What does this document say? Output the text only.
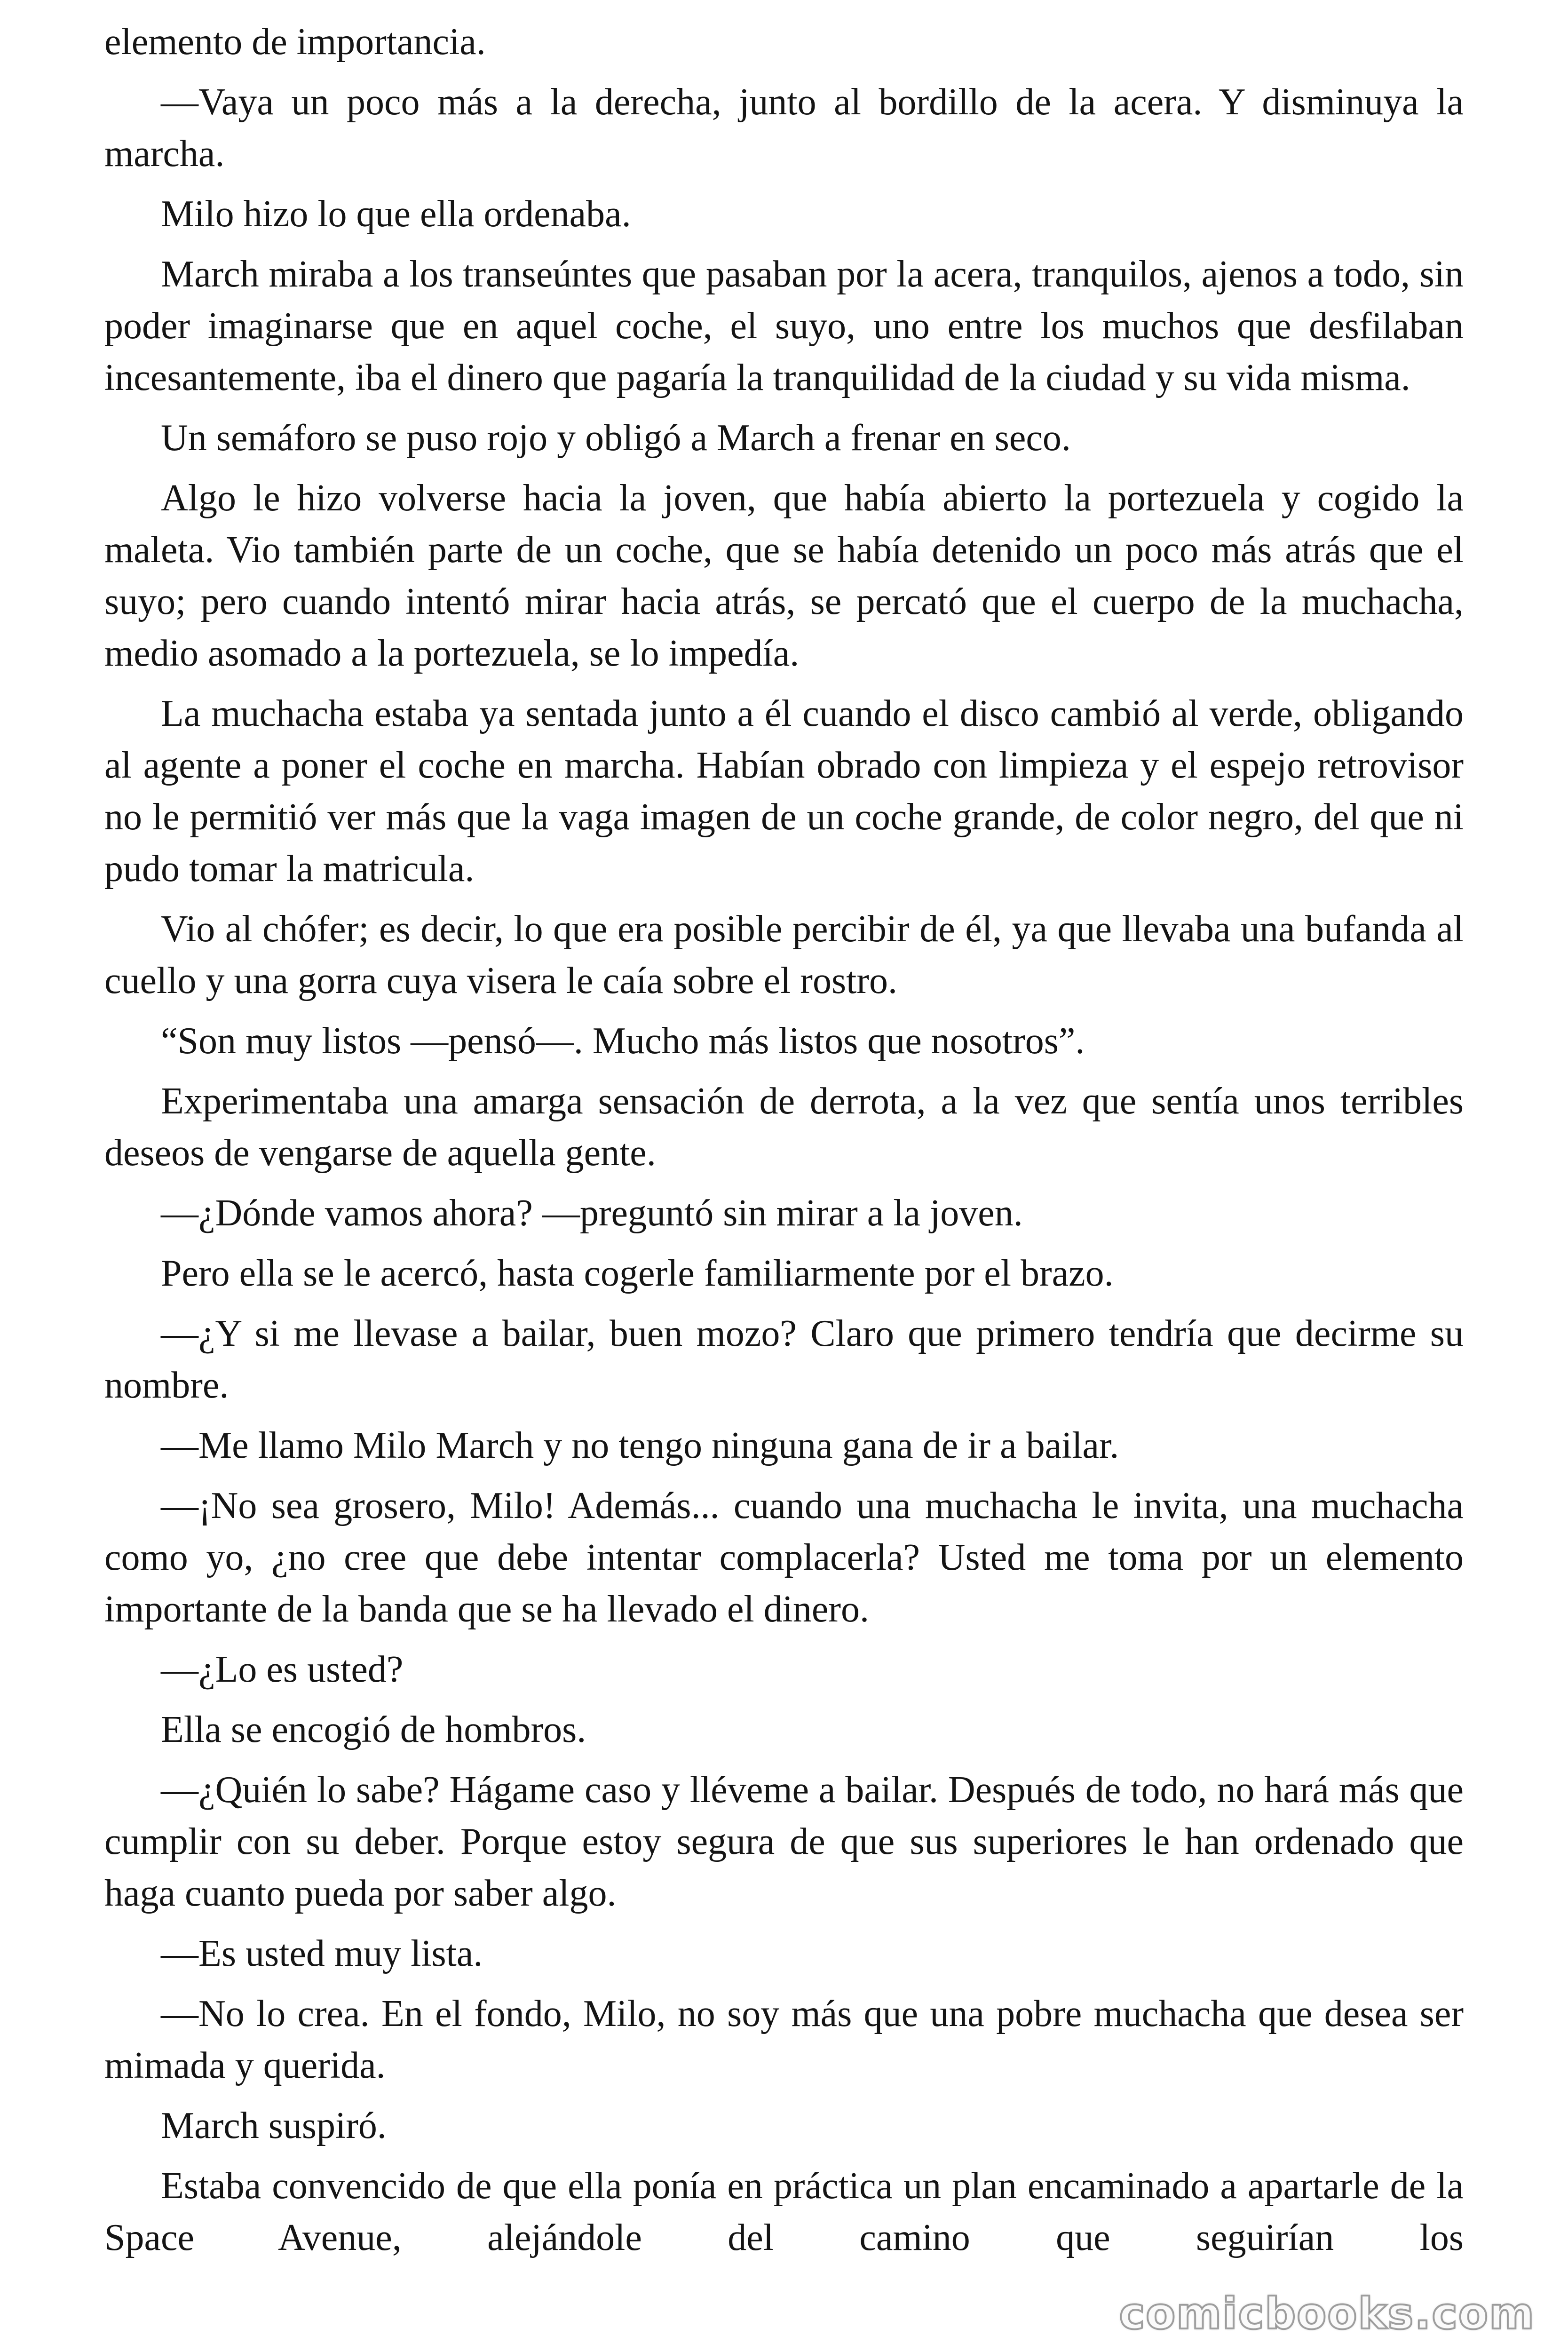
elemento de importancia.

—Vaya un poco más a la derecha, junto al bordillo de la acera. Y disminuya la marcha.

Milo hizo lo que ella ordenaba.

March miraba a los transeúntes que pasaban por la acera, tranquilos, ajenos a todo, sin poder imaginarse que en aquel coche, el suyo, uno entre los muchos que desfilaban incesantemente, iba el dinero que pagaría la tranquilidad de la ciudad y su vida misma.

Un semáforo se puso rojo y obligó a March a frenar en seco.

Algo le hizo volverse hacia la joven, que había abierto la portezuela y cogido la maleta. Vio también parte de un coche, que se había detenido un poco más atrás que el suyo; pero cuando intentó mirar hacia atrás, se percató que el cuerpo de la muchacha, medio asomado a la portezuela, se lo impedía.

La muchacha estaba ya sentada junto a él cuando el disco cambió al verde, obligando al agente a poner el coche en marcha. Habían obrado con limpieza y el espejo retrovisor no le permitió ver más que la vaga imagen de un coche grande, de color negro, del que ni pudo tomar la matricula.

Vio al chófer; es decir, lo que era posible percibir de él, ya que llevaba una bufanda al cuello y una gorra cuya visera le caía sobre el rostro.

“Son muy listos —pensó—. Mucho más listos que nosotros”.

Experimentaba una amarga sensación de derrota, a la vez que sentía unos terribles deseos de vengarse de aquella gente.

—¿Dónde vamos ahora? —preguntó sin mirar a la joven.

Pero ella se le acercó, hasta cogerle familiarmente por el brazo.

—¿Y si me llevase a bailar, buen mozo? Claro que primero tendría que decirme su nombre.

—Me llamo Milo March y no tengo ninguna gana de ir a bailar.

—¡No sea grosero, Milo! Además... cuando una muchacha le invita, una muchacha como yo, ¿no cree que debe intentar complacerla? Usted me toma por un elemento importante de la banda que se ha llevado el dinero.

—¿Lo es usted?

Ella se encogió de hombros.

—¿Quién lo sabe? Hágame caso y lléveme a bailar. Después de todo, no hará más que cumplir con su deber. Porque estoy segura de que sus superiores le han ordenado que haga cuanto pueda por saber algo.

—Es usted muy lista.

—No lo crea. En el fondo, Milo, no soy más que una pobre muchacha que desea ser mimada y querida.

March suspiró.

Estaba convencido de que ella ponía en práctica un plan encaminado a apartarle de la Space Avenue, alejándole del camino que seguirían los

comicbooks.com
